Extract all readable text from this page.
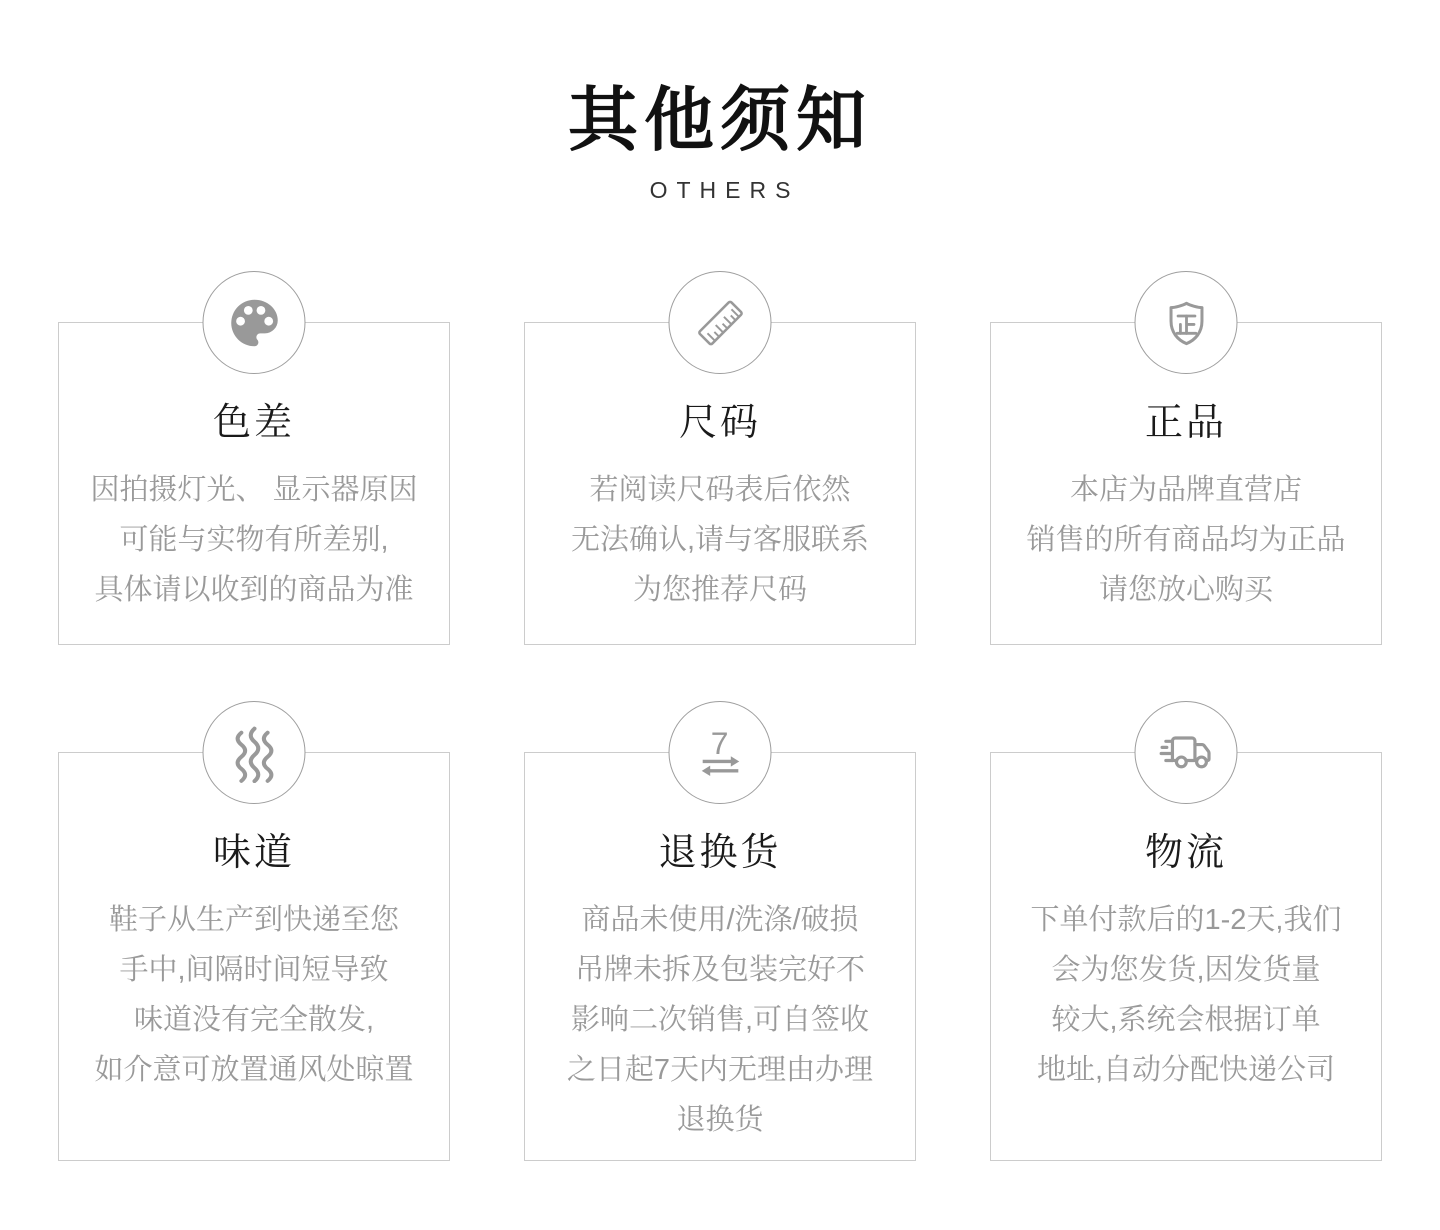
其他须知
OTHERS
色差
因拍摄灯光、 显示器原因
可能与实物有所差别,
具体请以收到的商品为准
尺码
若阅读尺码表后依然
无法确认,请与客服联系
为您推荐尺码
正品
本店为品牌直营店
销售的所有商品均为正品
请您放心购买
味道
鞋子从生产到快递至您
手中,间隔时间短导致
味道没有完全散发,
如介意可放置通风处晾置
7
退换货
商品未使用/洗涤/破损
吊牌未拆及包装完好不
影响二次销售,可自签收
之日起7天内无理由办理
退换货
物流
下单付款后的1-2天,我们
会为您发货,因发货量
较大,系统会根据订单
地址,自动分配快递公司
